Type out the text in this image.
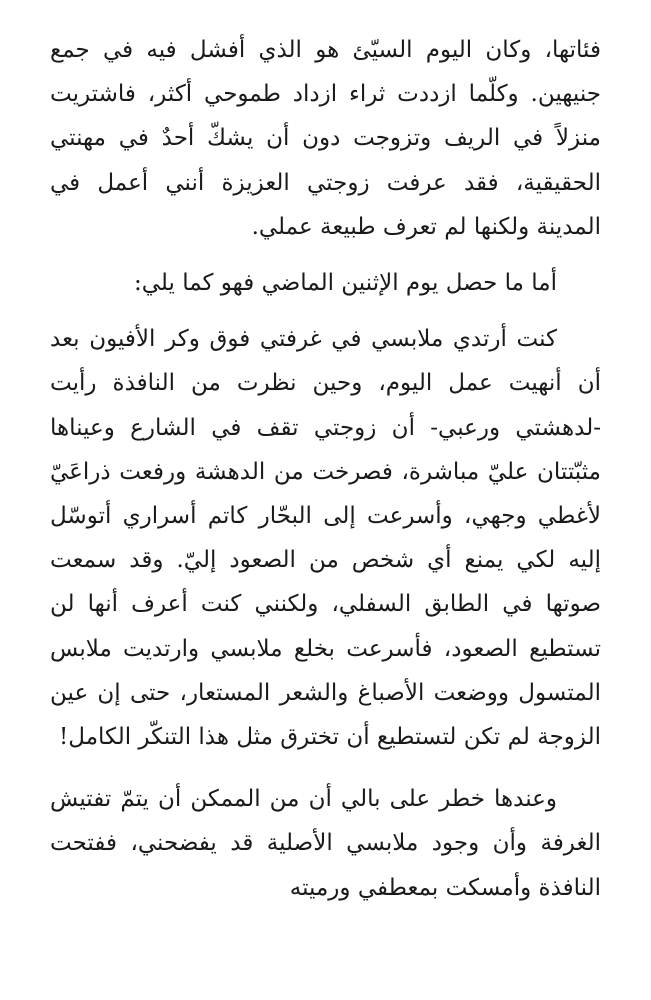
فئاتها، وكان اليوم السيّئ هو الذي أفشل فيه في جمع جنيهين. وكلّما ازددت ثراء ازداد طموحي أكثر، فاشتريت منزلاً في الريف وتزوجت دون أن يشكّ أحدٌ في مهنتي الحقيقية، فقد عرفت زوجتي العزيزة أنني أعمل في المدينة ولكنها لم تعرف طبيعة عملي.

أما ما حصل يوم الإثنين الماضي فهو كما يلي:

كنت أرتدي ملابسي في غرفتي فوق وكر الأفيون بعد أن أنهيت عمل اليوم، وحين نظرت من النافذة رأيت -لدهشتي ورعبي- أن زوجتي تقف في الشارع وعيناها مثبّتتان عليّ مباشرة، فصرخت من الدهشة ورفعت ذراعَيّ لأغطي وجهي، وأسرعت إلى البحّار كاتم أسراري أتوسّل إليه لكي يمنع أي شخص من الصعود إليّ. وقد سمعت صوتها في الطابق السفلي، ولكنني كنت أعرف أنها لن تستطيع الصعود، فأسرعت بخلع ملابسي وارتديت ملابس المتسول ووضعت الأصباغ والشعر المستعار، حتى إن عين الزوجة لم تكن لتستطيع أن تخترق مثل هذا التنكّر الكامل!

وعندها خطر على بالي أن من الممكن أن يتمّ تفتيش الغرفة وأن وجود ملابسي الأصلية قد يفضحني، ففتحت النافذة وأمسكت بمعطفي ورميته
